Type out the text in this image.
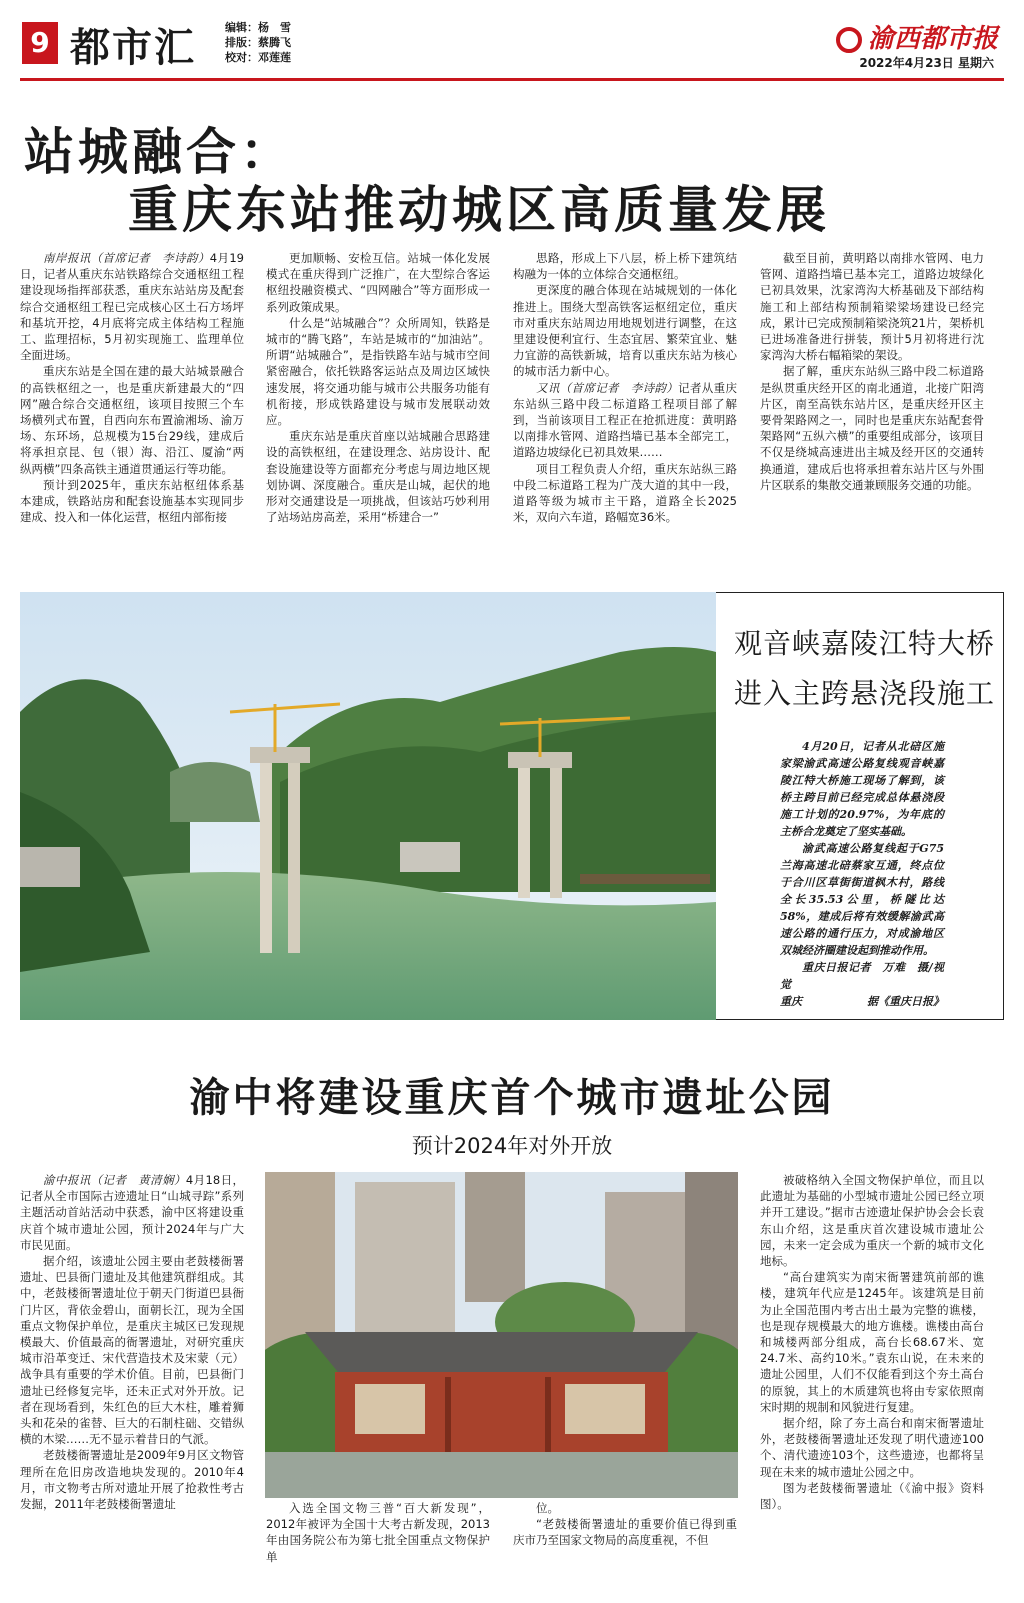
9 都市汇	编辑：杨　雪
排版：蔡腾飞
校对：邓莲莲
渝西都市报
2022年4月23日 星期六
站城融合：
重庆东站推动城区高质量发展

南岸报讯（首席记者　李诗韵）4月19日，记者从重庆东站铁路综合交通枢纽工程建设现场指挥部获悉，重庆东站站房及配套综合交通枢纽工程已完成核心区土石方场坪和基坑开挖，4月底将完成主体结构工程施工、监理招标，5月初实现施工、监理单位全面进场。

重庆东站是全国在建的最大站城景融合的高铁枢纽之一，也是重庆新建最大的“四网”融合综合交通枢纽，该项目按照三个车场横列式布置，自西向东布置渝湘场、渝万场、东环场，总规模为15台29线，建成后将承担京昆、包（银）海、沿江、厦渝“两纵两横”四条高铁主通道贯通运行等功能。

预计到2025年，重庆东站枢纽体系基本建成，铁路站房和配套设施基本实现同步建成、投入和一体化运营，枢纽内部衔接

更加顺畅、安检互信。站城一体化发展模式在重庆得到广泛推广，在大型综合客运枢纽投融资模式、“四网融合”等方面形成一系列政策成果。

什么是“站城融合”？众所周知，铁路是城市的“腾飞路”，车站是城市的“加油站”。所谓“站城融合”，是指铁路车站与城市空间紧密融合，依托铁路客运站点及周边区域快速发展，将交通功能与城市公共服务功能有机衔接，形成铁路建设与城市发展联动效应。

重庆东站是重庆首座以站城融合思路建设的高铁枢纽，在建设理念、站房设计、配套设施建设等方面都充分考虑与周边地区规划协调、深度融合。重庆是山城，起伏的地形对交通建设是一项挑战，但该站巧妙利用了站场站房高差，采用“桥建合一”

思路，形成上下八层，桥上桥下建筑结构融为一体的立体综合交通枢纽。

更深度的融合体现在站城规划的一体化推进上。围绕大型高铁客运枢纽定位，重庆市对重庆东站周边用地规划进行调整，在这里建设便利宜行、生态宜居、繁荣宜业、魅力宜游的高铁新城，培育以重庆东站为核心的城市活力新中心。

又讯（首席记者　李诗韵）记者从重庆东站纵三路中段二标道路工程项目部了解到，当前该项目工程正在抢抓进度：黄明路以南排水管网、道路挡墙已基本全部完工，道路边坡绿化已初具效果……

项目工程负责人介绍，重庆东站纵三路中段二标道路工程为广茂大道的其中一段，道路等级为城市主干路，道路全长2025米，双向六车道，路幅宽36米。

截至目前，黄明路以南排水管网、电力管网、道路挡墙已基本完工，道路边坡绿化已初具效果，沈家湾沟大桥基础及下部结构施工和上部结构预制箱梁梁场建设已经完成，累计已完成预制箱梁浇筑21片，架桥机已进场准备进行拼装，预计5月初将进行沈家湾沟大桥右幅箱梁的架设。

据了解，重庆东站纵三路中段二标道路是纵贯重庆经开区的南北通道，北接广阳湾片区，南至高铁东站片区，是重庆经开区主要骨架路网之一，同时也是重庆东站配套骨架路网“五纵六横”的重要组成部分，该项目不仅是绕城高速进出主城及经开区的交通转换通道，建成后也将承担着东站片区与外围片区联系的集散交通兼顾服务交通的功能。

观音峡嘉陵江特大桥
进入主跨悬浇段施工

4月20日，记者从北碚区施家梁渝武高速公路复线观音峡嘉陵江特大桥施工现场了解到，该桥主跨目前已经完成总体悬浇段施工计划的20.97%，为年底的主桥合龙奠定了坚实基础。

渝武高速公路复线起于G75兰海高速北碚蔡家互通，终点位于合川区草街街道枫木村，路线全长35.53公里，桥隧比达58%，建成后将有效缓解渝武高速公路的通行压力，对成渝地区双城经济圈建设起到推动作用。

重庆日报记者　万难　摄/视觉

重庆	据《重庆日报》
渝中将建设重庆首个城市遗址公园
预计2024年对外开放

渝中报讯（记者　黄清娴）4月18日，记者从全市国际古迹遗址日“山城寻踪”系列主题活动首站活动中获悉，渝中区将建设重庆首个城市遗址公园，预计2024年与广大市民见面。

据介绍，该遗址公园主要由老鼓楼衙署遗址、巴县衙门遗址及其他建筑群组成。其中，老鼓楼衙署遗址位于朝天门街道巴县衙门片区，背依金碧山，面朝长江，现为全国重点文物保护单位，是重庆主城区已发现规模最大、价值最高的衙署遗址，对研究重庆城市沿革变迁、宋代营造技术及宋蒙（元）战争具有重要的学术价值。目前，巴县衙门遗址已经修复完毕，还未正式对外开放。记者在现场看到，朱红色的巨大木柱，雕着狮头和花朵的雀替、巨大的石制柱础、交错纵横的木梁……无不显示着昔日的气派。

老鼓楼衙署遗址是2009年9月区文物管理所在危旧房改造地块发现的。2010年4月，市文物考古所对遗址开展了抢救性考古发掘，2011年老鼓楼衙署遗址	入选全国文物三普“百大新发现”，2012年被评为全国十大考古新发现，2013年由国务院公布为第七批全国重点文物保护单

位。

“老鼓楼衙署遗址的重要价值已得到重庆市乃至国家文物局的高度重视，不但

被破格纳入全国文物保护单位，而且以此遗址为基础的小型城市遗址公园已经立项并开工建设。”据市古迹遗址保护协会会长袁东山介绍，这是重庆首次建设城市遗址公园，未来一定会成为重庆一个新的城市文化地标。

“高台建筑实为南宋衙署建筑前部的谯楼，建筑年代应是1245年。该建筑是目前为止全国范围内考古出土最为完整的谯楼，也是现存规模最大的地方谯楼。谯楼由高台和城楼两部分组成，高台长68.67米、宽24.7米、高约10米。”袁东山说，在未来的遗址公园里，人们不仅能看到这个夯土高台的原貌，其上的木质建筑也将由专家依照南宋时期的规制和风貌进行复建。

据介绍，除了夯土高台和南宋衙署遗址外，老鼓楼衙署遗址还发现了明代遗迹100个、清代遗迹103个，这些遗迹，也都将呈现在未来的城市遗址公园之中。

图为老鼓楼衙署遗址（《渝中报》资料图）。
